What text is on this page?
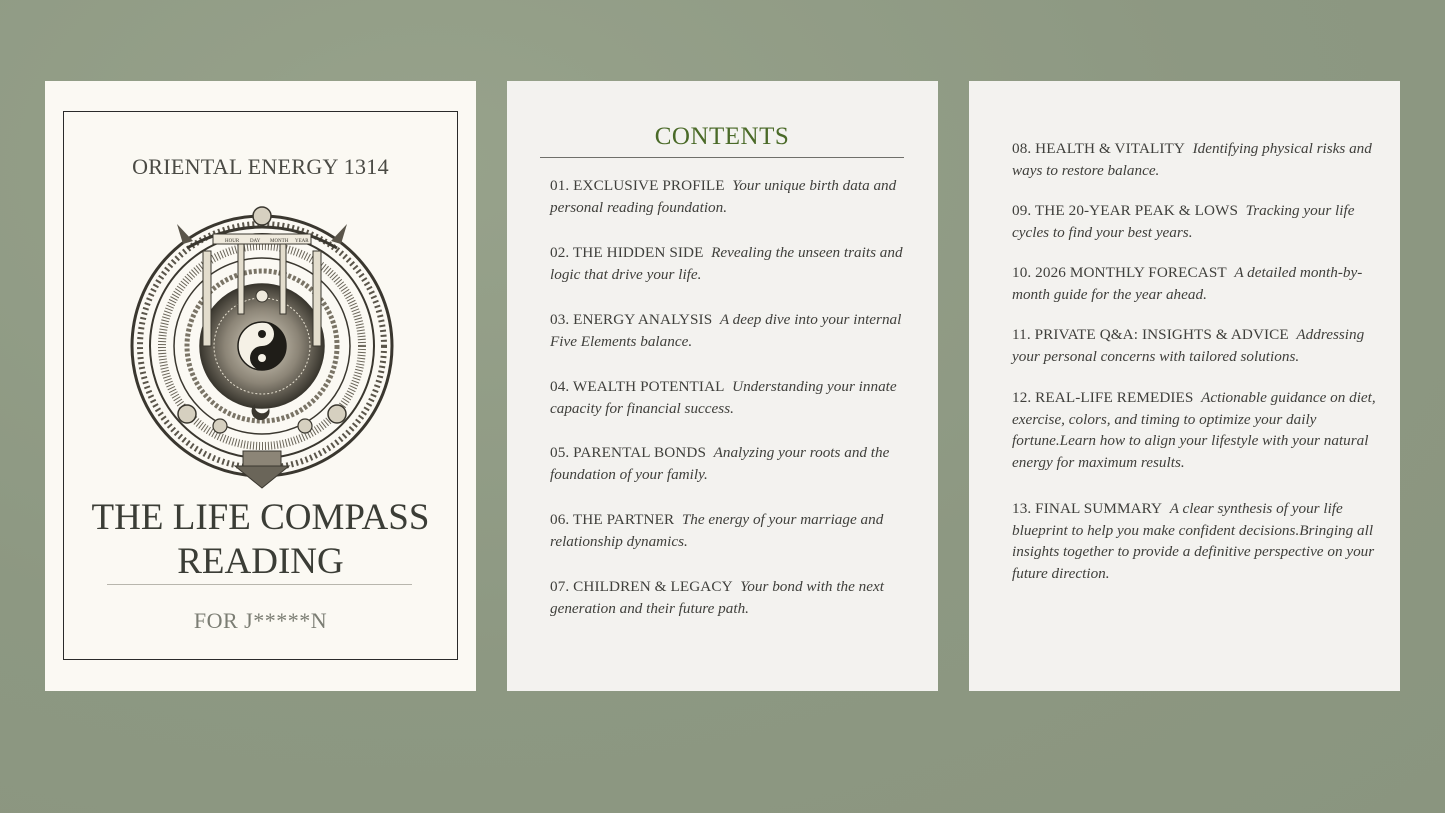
ORIENTAL ENERGY 1314
HOUR DAY MONTH YEAR
THE LIFE COMPASS READING
FOR J*****N
CONTENTS
01. EXCLUSIVE PROFILE Your unique birth data and personal reading foundation.
02. THE HIDDEN SIDE Revealing the unseen traits and logic that drive your life.
03. ENERGY ANALYSIS A deep dive into your internal Five Elements balance.
04. WEALTH POTENTIAL Understanding your innate capacity for financial success.
05. PARENTAL BONDS Analyzing your roots and the foundation of your family.
06. THE PARTNER The energy of your marriage and relationship dynamics.
07. CHILDREN & LEGACY Your bond with the next generation and their future path.
08. HEALTH & VITALITY Identifying physical risks and ways to restore balance.
09. THE 20-YEAR PEAK & LOWS Tracking your life cycles to find your best years.
10. 2026 MONTHLY FORECAST A detailed month-by-month guide for the year ahead.
11. PRIVATE Q&A: INSIGHTS & ADVICE Addressing your personal concerns with tailored solutions.
12. REAL-LIFE REMEDIES Actionable guidance on diet, exercise, colors, and timing to optimize your daily fortune.Learn how to align your lifestyle with your natural energy for maximum results.
13. FINAL SUMMARY A clear synthesis of your life blueprint to help you make confident decisions.Bringing all insights together to provide a definitive perspective on your future direction.
